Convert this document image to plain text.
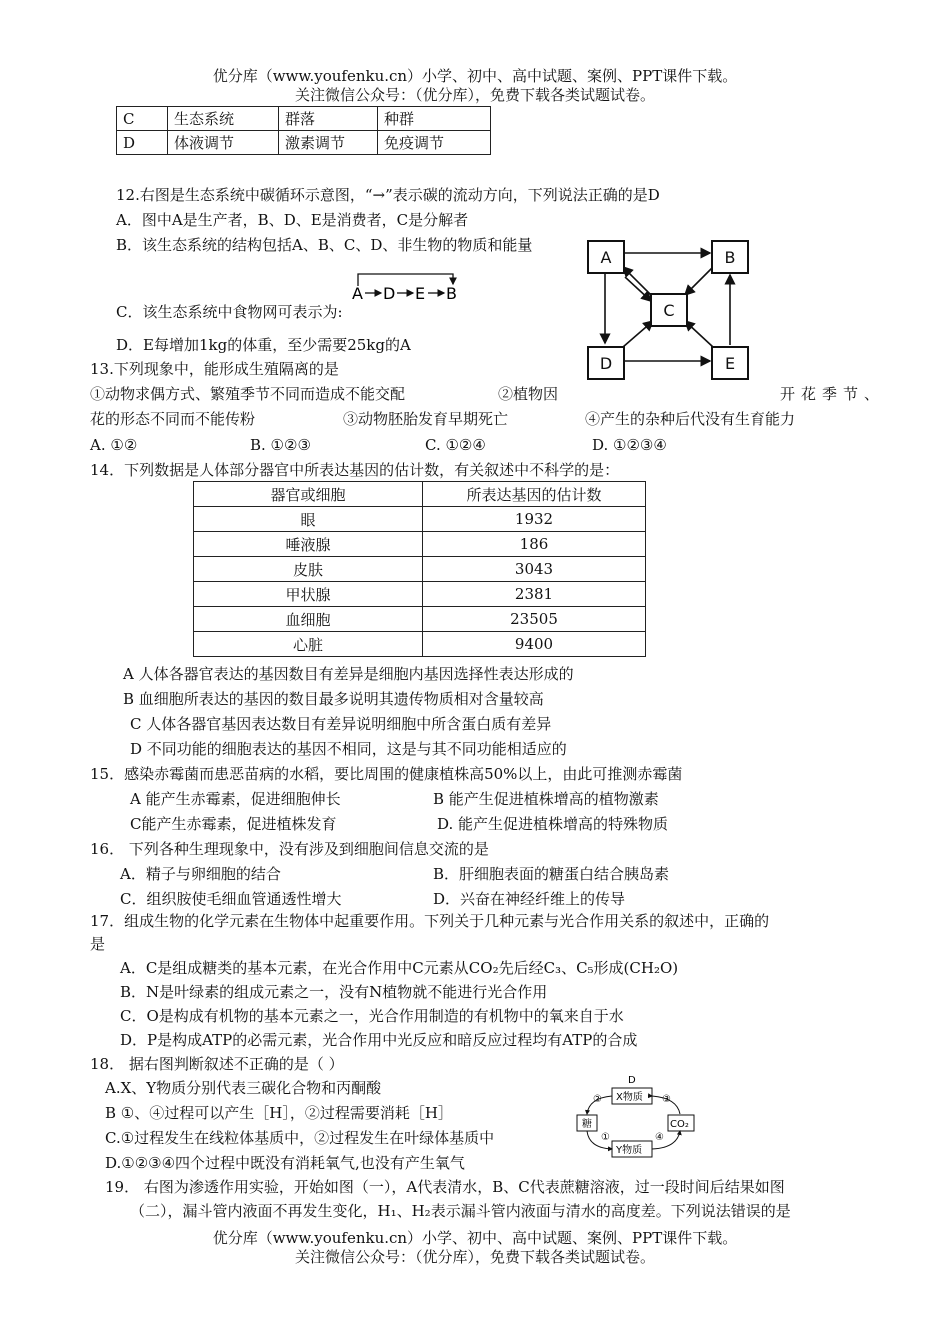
优分库（www.youfenku.cn）小学、初中、高中试题、案例、PPT课件下载。
关注微信公众号：（优分库），免费下载各类试题试卷。
C	生态系统	群落	种群
D	体液调节	激素调节	免疫调节
12.右图是生态系统中碳循环示意图，“→”表示碳的流动方向，下列说法正确的是D
A．图中A是生产者，B、D、E是消费者，C是分解者
B．该生态系统的结构包括A、B、C、D、非生物的物质和能量
C．该生态系统中食物网可表示为:
D．E每增加1kg的体重，至少需要25kg的A
A D E B
A	B
C
D	E
13.下列现象中，能形成生殖隔离的是
①动物求偶方式、繁殖季节不同而造成不能交配	②植物因	开花季节、
花的形态不同而不能传粉	③动物胚胎发育早期死亡	④产生的杂种后代没有生育能力
A. ①②	B. ①②③	C. ①②④	D. ①②③④
14．下列数据是人体部分器官中所表达基因的估计数，有关叙述中不科学的是：
器官或细胞	所表达基因的估计数
眼	1932
唾液腺	186
皮肤	3043
甲状腺	2381
血细胞	23505
心脏	9400
A 人体各器官表达的基因数目有差异是细胞内基因选择性表达形成的
B 血细胞所表达的基因的数目最多说明其遗传物质相对含量较高
C 人体各器官基因表达数目有差异说明细胞中所含蛋白质有差异
D 不同功能的细胞表达的基因不相同，这是与其不同功能相适应的
15．感染赤霉菌而患恶苗病的水稻，要比周围的健康植株高50%以上，由此可推测赤霉菌
A 能产生赤霉素，促进细胞伸长	B 能产生促进植株增高的植物激素
C能产生赤霉素，促进植株发育	D. 能产生促进植株增高的特殊物质
16． 下列各种生理现象中，没有涉及到细胞间信息交流的是
A．精子与卵细胞的结合	B．肝细胞表面的糖蛋白结合胰岛素
C．组织胺使毛细血管通透性增大	D．兴奋在神经纤维上的传导
17．组成生物的化学元素在生物体中起重要作用。下列关于几种元素与光合作用关系的叙述中，正确的
是
A．C是组成糖类的基本元素，在光合作用中C元素从CO₂先后经C₃、C₅形成(CH₂O)
B．N是叶绿素的组成元素之一，没有N植物就不能进行光合作用
C．O是构成有机物的基本元素之一，光合作用制造的有机物中的氧来自于水
D．P是构成ATP的必需元素，光合作用中光反应和暗反应过程均有ATP的合成
18． 据右图判断叙述不正确的是（ ）
A.X、Y物质分别代表三碳化合物和丙酮酸
B ①、④过程可以产生［H］，②过程需要消耗［H］
C.①过程发生在线粒体基质中，②过程发生在叶绿体基质中
D.①②③④四个过程中既没有消耗氧气,也没有产生氧气
D
X物质
Y物质
糖	CO₂
②	③
①	④
19． 右图为渗透作用实验，开始如图（一），A代表清水，B、C代表蔗糖溶液，过一段时间后结果如图
（二），漏斗管内液面不再发生变化，H₁、H₂表示漏斗管内液面与清水的高度差。下列说法错误的是
优分库（www.youfenku.cn）小学、初中、高中试题、案例、PPT课件下载。
关注微信公众号：（优分库），免费下载各类试题试卷。
